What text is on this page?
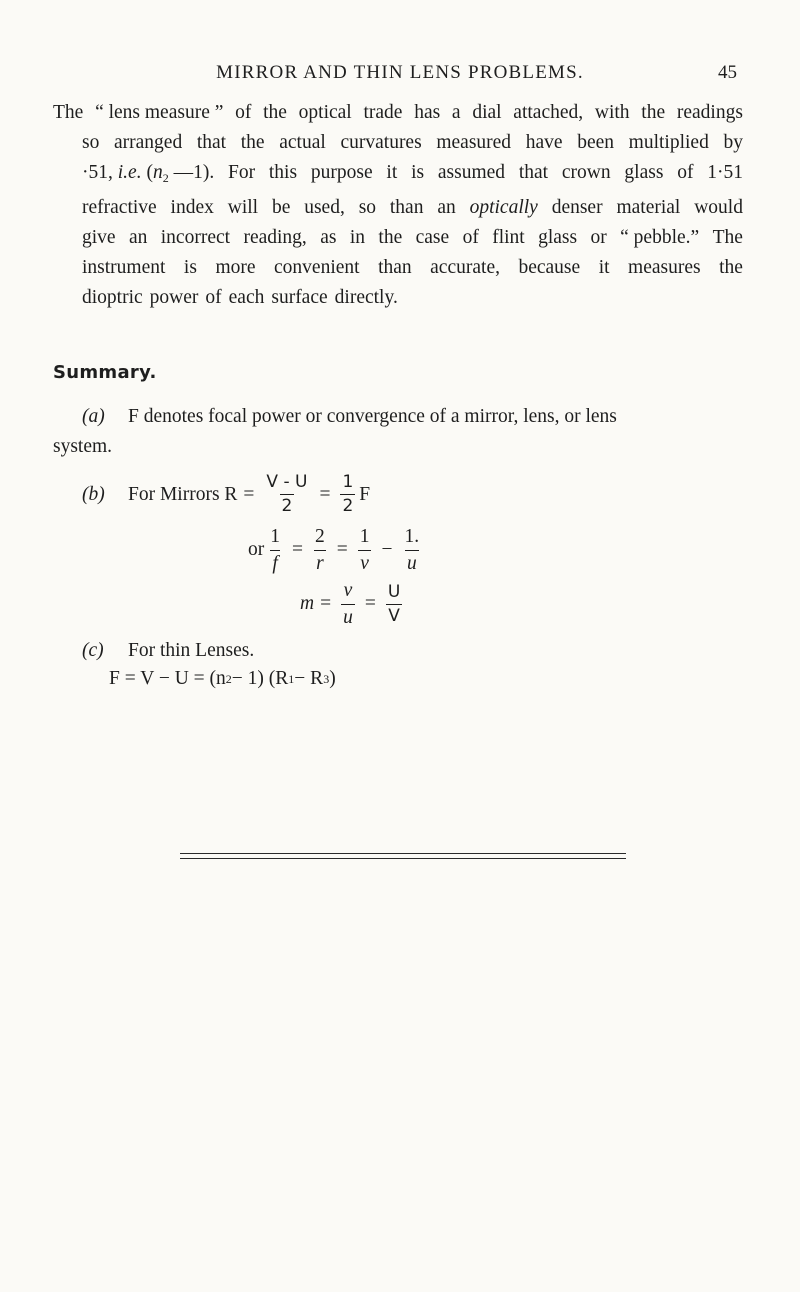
MIRROR AND THIN LENS PROBLEMS.	45
The “ lens measure ” of the optical trade has a dial attached, with the readings
so arranged that the actual curvatures measured have been multiplied by
·51, i.e. ($n_2$ —1). For this purpose it is assumed that crown glass of 1·51
refractive index will be used, so than an optically denser material would
give an incorrect reading, as in the case of flint glass or “ pebble.” The
instrument is more convenient than accurate, because it measures the
dioptric power of each surface directly.
Summary.
(a) F denotes focal power or convergence of a mirror, lens, or lens
system.
(b)	For Mirrors $R = \frac{V - U}{2} = \frac{1}{2}$ F
or $\frac{1}{f} = \frac{2}{r} = \frac{1}{v} - \frac{1.}{u}$
$m = \frac{v}{u} = \frac{U}{V}$
(c)	For thin Lenses.
F = V − U = (n 2 − 1) (R 1 − R 3 )
